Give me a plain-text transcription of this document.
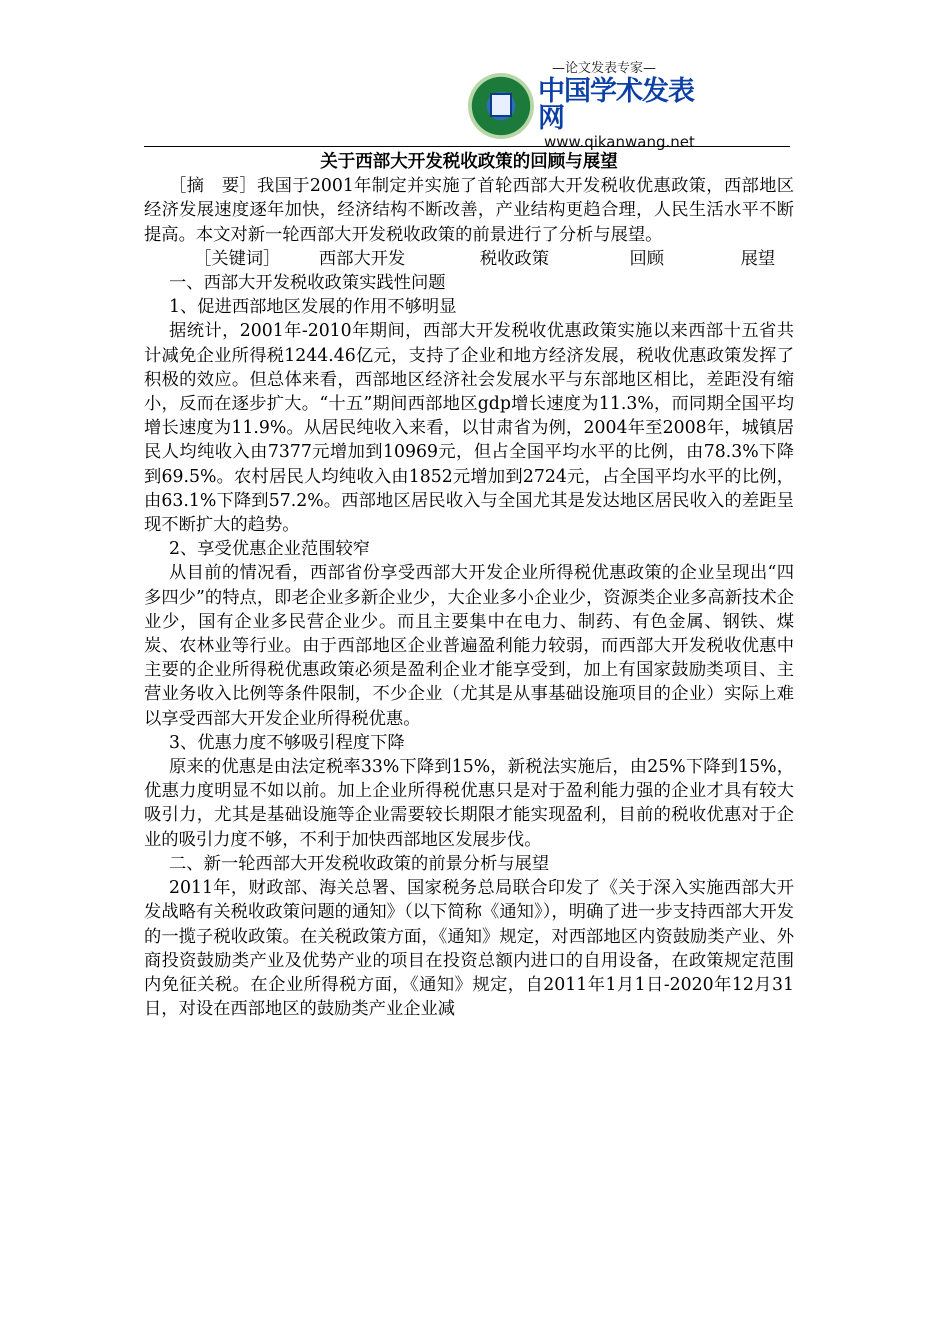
—论文发表专家—
中国学术发表网
www.qikanwang.net

关于西部大开发税收政策的回顾与展望

［摘　要］我国于2001年制定并实施了首轮西部大开发税收优惠政策，西部地区经济发展速度逐年加快，经济结构不断改善，产业结构更趋合理，人民生活水平不断提高。本文对新一轮西部大开发税收政策的前景进行了分析与展望。

［关键词］ 西部大开发	税收政策	回顾	展望

一、西部大开发税收政策实践性问题

1、促进西部地区发展的作用不够明显

据统计，2001年-2010年期间，西部大开发税收优惠政策实施以来西部十五省共计减免企业所得税1244.46亿元，支持了企业和地方经济发展，税收优惠政策发挥了积极的效应。但总体来看，西部地区经济社会发展水平与东部地区相比，差距没有缩小，反而在逐步扩大。“十五”期间西部地区gdp增长速度为11.3%，而同期全国平均增长速度为11.9%。从居民纯收入来看，以甘肃省为例，2004年至2008年，城镇居民人均纯收入由7377元增加到10969元，但占全国平均水平的比例，由78.3%下降到69.5%。农村居民人均纯收入由1852元增加到2724元，占全国平均水平的比例，由63.1%下降到57.2%。西部地区居民收入与全国尤其是发达地区居民收入的差距呈现不断扩大的趋势。

2、享受优惠企业范围较窄

从目前的情况看，西部省份享受西部大开发企业所得税优惠政策的企业呈现出“四多四少”的特点，即老企业多新企业少，大企业多小企业少，资源类企业多高新技术企业少，国有企业多民营企业少。而且主要集中在电力、制药、有色金属、钢铁、煤炭、农林业等行业。由于西部地区企业普遍盈利能力较弱，而西部大开发税收优惠中主要的企业所得税优惠政策必须是盈利企业才能享受到，加上有国家鼓励类项目、主营业务收入比例等条件限制，不少企业（尤其是从事基础设施项目的企业）实际上难以享受西部大开发企业所得税优惠。

3、优惠力度不够吸引程度下降

原来的优惠是由法定税率33%下降到15%，新税法实施后，由25%下降到15%，优惠力度明显不如以前。加上企业所得税优惠只是对于盈利能力强的企业才具有较大吸引力，尤其是基础设施等企业需要较长期限才能实现盈利，目前的税收优惠对于企业的吸引力度不够，不利于加快西部地区发展步伐。

二、新一轮西部大开发税收政策的前景分析与展望

2011年，财政部、海关总署、国家税务总局联合印发了《关于深入实施西部大开发战略有关税收政策问题的通知》（以下简称《通知》），明确了进一步支持西部大开发的一揽子税收政策。在关税政策方面，《通知》规定，对西部地区内资鼓励类产业、外商投资鼓励类产业及优势产业的项目在投资总额内进口的自用设备，在政策规定范围内免征关税。在企业所得税方面，《通知》规定，自2011年1月1日-2020年12月31日，对设在西部地区的鼓励类产业企业减
